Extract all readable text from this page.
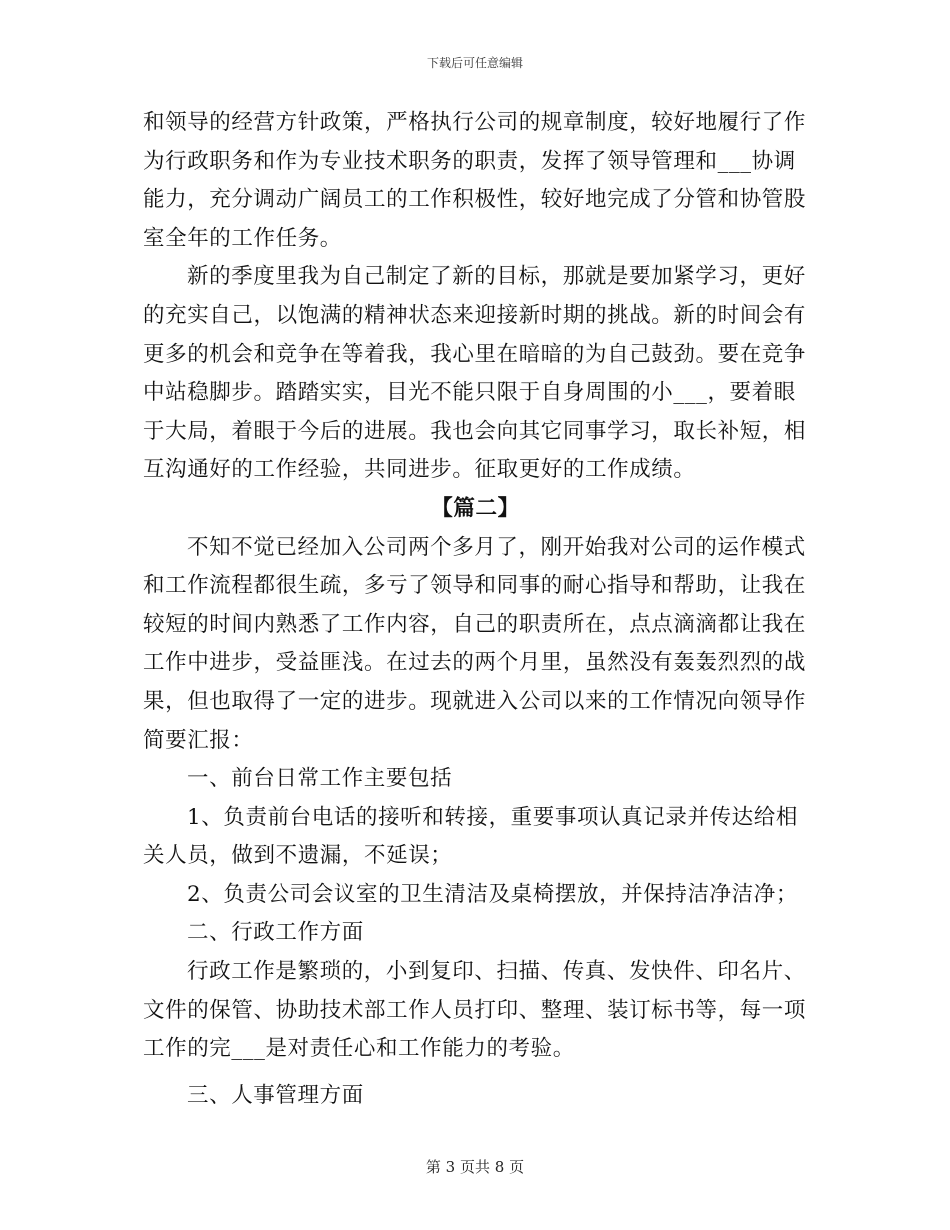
下载后可任意编辑

和领导的经营方针政策，严格执行公司的规章制度，较好地履行了作为行政职务和作为专业技术职务的职责，发挥了领导管理和___协调能力，充分调动广阔员工的工作积极性，较好地完成了分管和协管股室全年的工作任务。

新的季度里我为自己制定了新的目标，那就是要加紧学习，更好的充实自己，以饱满的精神状态来迎接新时期的挑战。新的时间会有更多的机会和竞争在等着我，我心里在暗暗的为自己鼓劲。要在竞争中站稳脚步。踏踏实实，目光不能只限于自身周围的小___，要着眼于大局，着眼于今后的进展。我也会向其它同事学习，取长补短，相互沟通好的工作经验，共同进步。征取更好的工作成绩。

【篇二】

不知不觉已经加入公司两个多月了，刚开始我对公司的运作模式和工作流程都很生疏，多亏了领导和同事的耐心指导和帮助，让我在较短的时间内熟悉了工作内容，自己的职责所在，点点滴滴都让我在工作中进步，受益匪浅。在过去的两个月里，虽然没有轰轰烈烈的战果，但也取得了一定的进步。现就进入公司以来的工作情况向领导作简要汇报：

一、前台日常工作主要包括

1、负责前台电话的接听和转接，重要事项认真记录并传达给相关人员，做到不遗漏，不延误；

2、负责公司会议室的卫生清洁及桌椅摆放，并保持洁净洁净；

二、行政工作方面

行政工作是繁琐的，小到复印、扫描、传真、发快件、印名片、文件的保管、协助技术部工作人员打印、整理、装订标书等，每一项工作的完___是对责任心和工作能力的考验。

三、人事管理方面

第 3 页共 8 页
